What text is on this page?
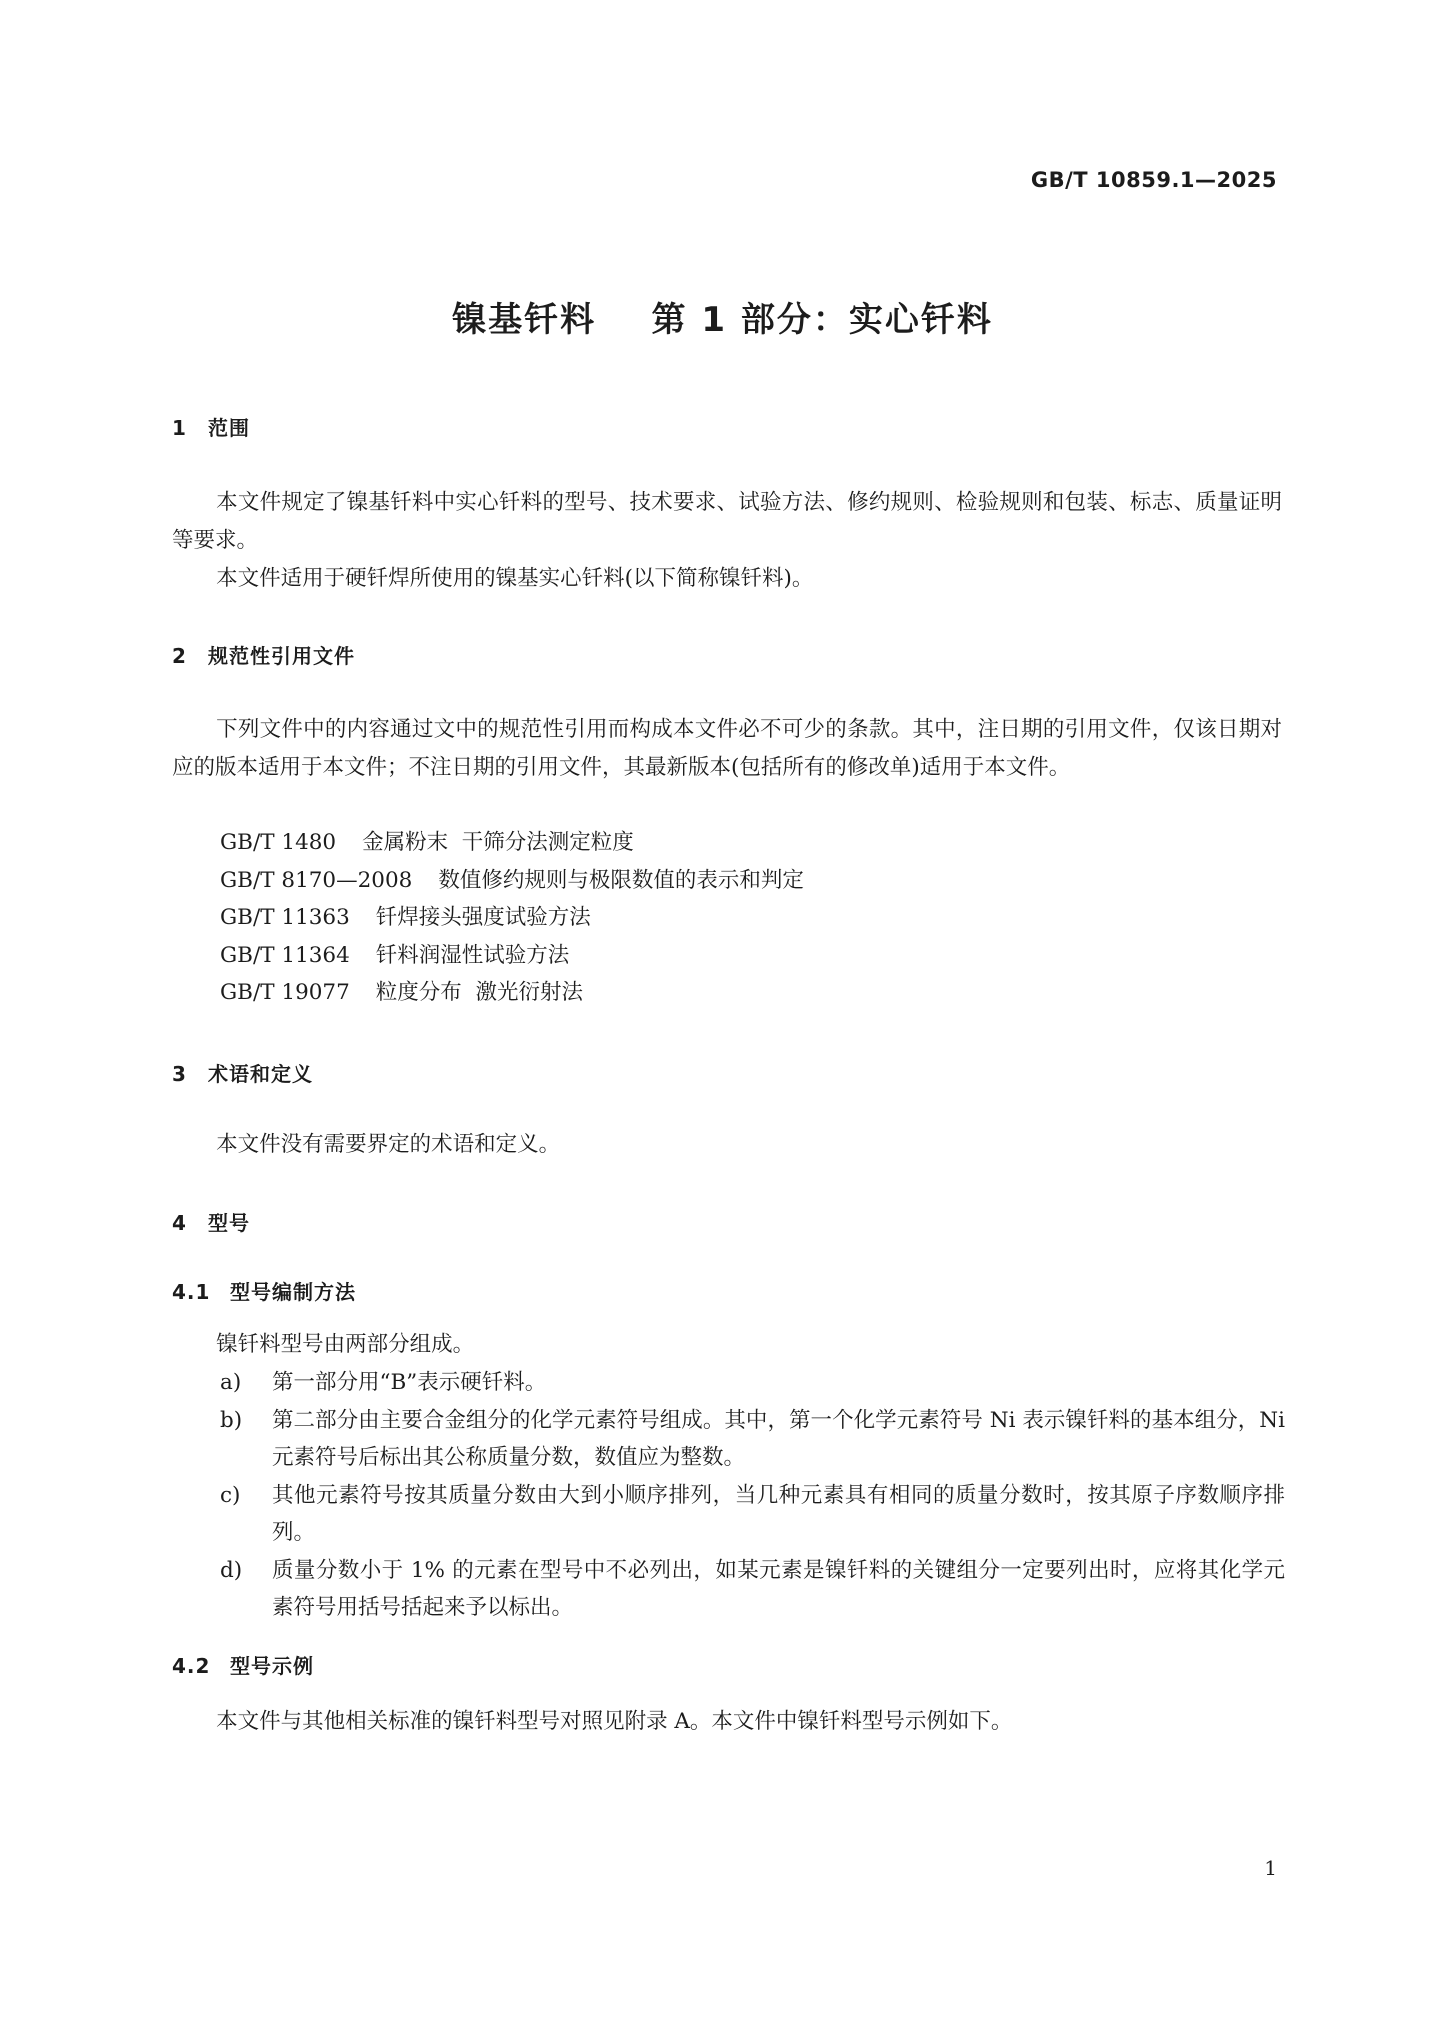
GB/T 10859.1—2025
镍基钎料    第 1 部分：实心钎料
1 范围

本文件规定了镍基钎料中实心钎料的型号、技术要求、试验方法、修约规则、检验规则和包装、标志、质量证明等要求。

本文件适用于硬钎焊所使用的镍基实心钎料(以下简称镍钎料)。

2 规范性引用文件

下列文件中的内容通过文中的规范性引用而构成本文件必不可少的条款。其中，注日期的引用文件，仅该日期对应的版本适用于本文件；不注日期的引用文件，其最新版本(包括所有的修改单)适用于本文件。

GB/T 1480 金属粉末  干筛分法测定粒度
GB/T 8170—2008 数值修约规则与极限数值的表示和判定
GB/T 11363 钎焊接头强度试验方法
GB/T 11364 钎料润湿性试验方法
GB/T 19077 粒度分布  激光衍射法
3 术语和定义

本文件没有需要界定的术语和定义。

4 型号
4.1 型号编制方法

镍钎料型号由两部分组成。

a) 第一部分用“B”表示硬钎料。
b) 第二部分由主要合金组分的化学元素符号组成。其中，第一个化学元素符号 Ni 表示镍钎料的基本组分，Ni 元素符号后标出其公称质量分数，数值应为整数。
c) 其他元素符号按其质量分数由大到小顺序排列，当几种元素具有相同的质量分数时，按其原子序数顺序排列。
d) 质量分数小于 1% 的元素在型号中不必列出，如某元素是镍钎料的关键组分一定要列出时，应将其化学元素符号用括号括起来予以标出。
4.2 型号示例

本文件与其他相关标准的镍钎料型号对照见附录 A。本文件中镍钎料型号示例如下。

1
